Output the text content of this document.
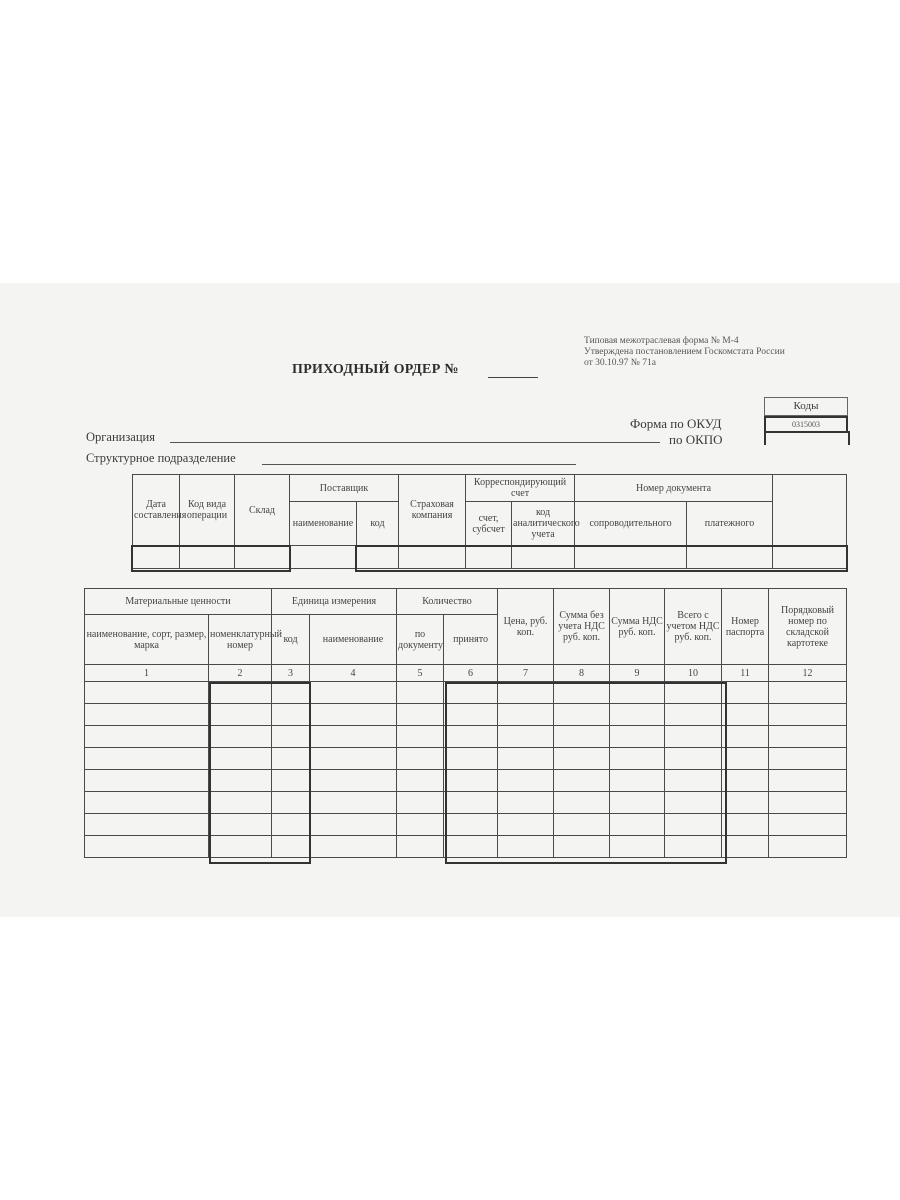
Типовая межотраслевая форма № М-4
Утверждена постановлением Госкомстата России
от 30.10.97 № 71а
ПРИХОДНЫЙ ОРДЕР №
Коды
Форма по ОКУД	0315003
по ОКПО
Организация
Структурное подразделение
Дата составления	Код вида операции	Склад	Поставщик		Страховая компания	Корреспондирующий счет		Номер документа		
			наименование	код		счет, субсчет	код аналитического учета	сопроводительного	платежного	

Материальные ценности		Единица измерения		Количество		Цена, руб. коп.	Сумма без учета НДС руб. коп.	Сумма НДС руб. коп.	Всего с учетом НДС руб. коп.	Номер паспорта	Порядковый номер по складской картотеке
наименование, сорт, размер, марка	номенклатурный номер	код	наименование	по документу	принято						
1	2	3	4	5	6	7	8	9	10	11	12
